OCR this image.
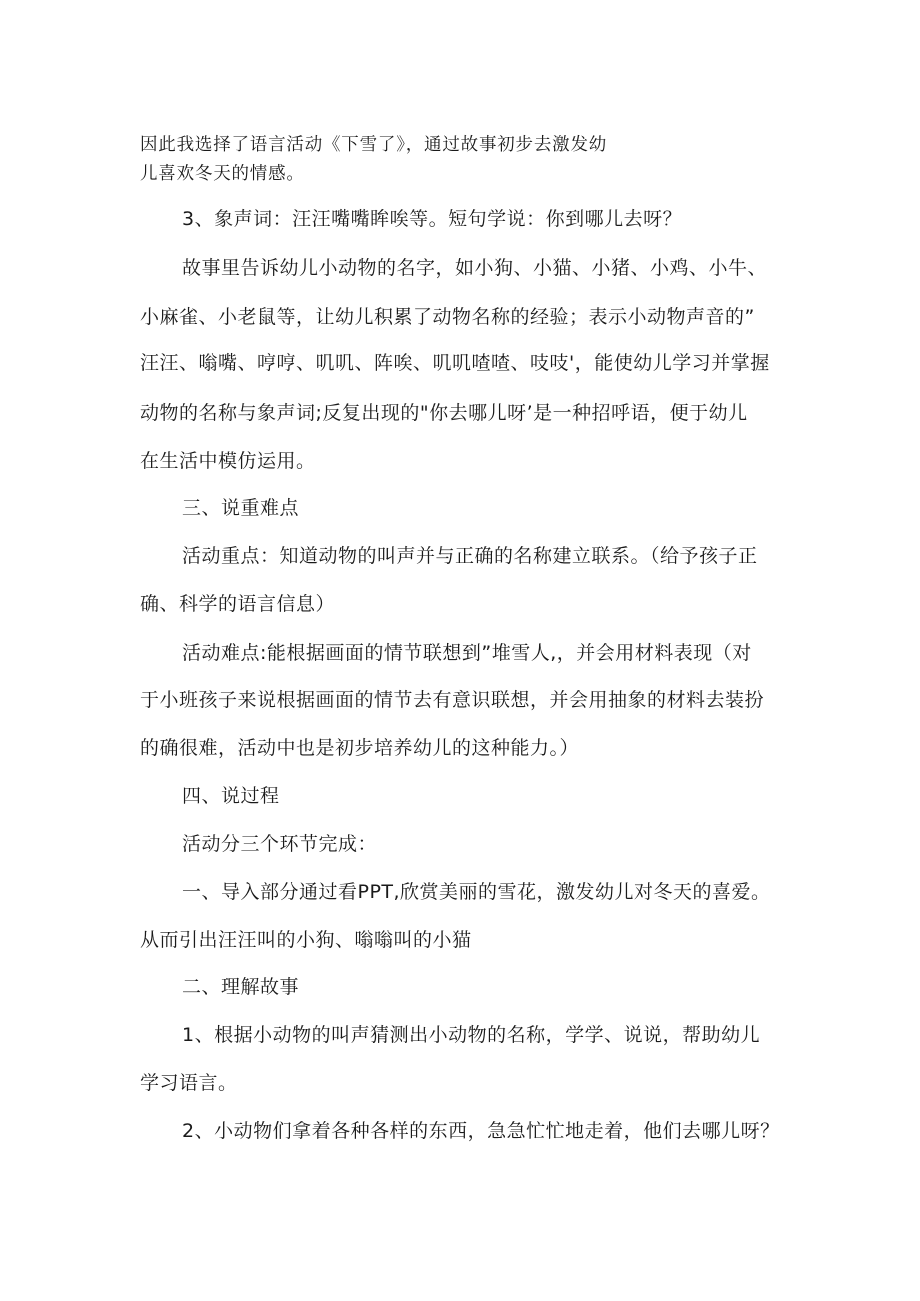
因此我选择了语言活动《下雪了》，通过故事初步去激发幼
儿喜欢冬天的情感。
3、象声词：汪汪嘴嘴眸唉等。短句学说：你到哪儿去呀？
故事里告诉幼儿小动物的名字，如小狗、小猫、小猪、小鸡、小牛、
小麻雀、小老鼠等，让幼儿积累了动物名称的经验；表示小动物声音的”
汪汪、嗡嘴、哼哼、叽叽、阵唉、叽叽喳喳、吱吱'，能使幼儿学习并掌握
动物的名称与象声词;反复出现的"你去哪儿呀’是一种招呼语，便于幼儿
在生活中模仿运用。
三、说重难点
活动重点：知道动物的叫声并与正确的名称建立联系。（给予孩子正
确、科学的语言信息）
活动难点:能根据画面的情节联想到”堆雪人,，并会用材料表现（对
于小班孩子来说根据画面的情节去有意识联想，并会用抽象的材料去装扮
的确很难，活动中也是初步培养幼儿的这种能力。）
四、说过程
活动分三个环节完成：
一、导入部分通过看PPT,欣赏美丽的雪花，激发幼儿对冬天的喜爱。
从而引出汪汪叫的小狗、嗡嗡叫的小猫
二、理解故事
1、根据小动物的叫声猜测出小动物的名称，学学、说说，帮助幼儿
学习语言。
2、小动物们拿着各种各样的东西，急急忙忙地走着，他们去哪儿呀？
